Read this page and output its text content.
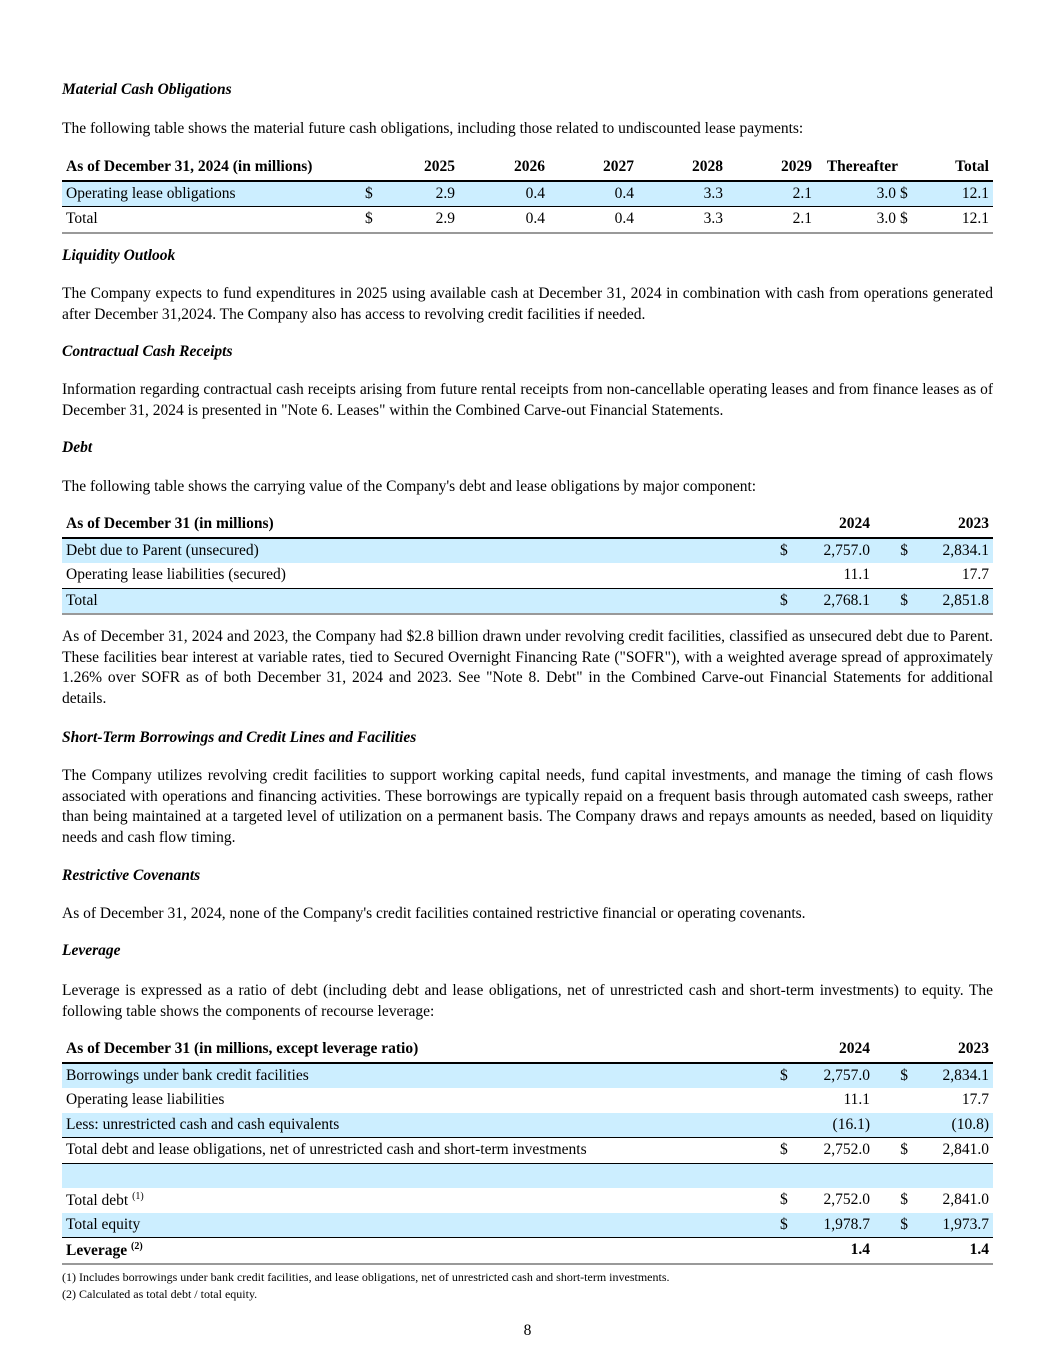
Material Cash Obligations
The following table shows the material future cash obligations, including those related to undiscounted lease payments:
As of December 31, 2024 (in millions)	2025	2026	2027	2028	2029 Thereafter	Total
Operating lease obligations	$	2.9	0.4	0.4	3.3	2.1	3.0 $	12.1
Total	$	2.9	0.4	0.4	3.3	2.1	3.0 $	12.1
Liquidity Outlook
The Company expects to fund expenditures in 2025 using available cash at December 31, 2024 in combination with cash from operations generated after December 31,2024. The Company also has access to revolving credit facilities if needed.
Contractual Cash Receipts
Information regarding contractual cash receipts arising from future rental receipts from non-cancellable operating leases and from finance leases as of December 31, 2024 is presented in "Note 6. Leases" within the Combined Carve-out Financial Statements.
Debt
The following table shows the carrying value of the Company's debt and lease obligations by major component:
As of December 31 (in millions)	2024	2023
Debt due to Parent (unsecured)	$	2,757.0	$	2,834.1
Operating lease liabilities (secured)	11.1	17.7
Total	$	2,768.1	$	2,851.8
As of December 31, 2024 and 2023, the Company had $2.8 billion drawn under revolving credit facilities, classified as unsecured debt due to Parent. These facilities bear interest at variable rates, tied to Secured Overnight Financing Rate ("SOFR"), with a weighted average spread of approximately 1.26% over SOFR as of both December 31, 2024 and 2023. See "Note 8. Debt" in the Combined Carve-out Financial Statements for additional details.
Short-Term Borrowings and Credit Lines and Facilities
The Company utilizes revolving credit facilities to support working capital needs, fund capital investments, and manage the timing of cash flows associated with operations and financing activities. These borrowings are typically repaid on a frequent basis through automated cash sweeps, rather than being maintained at a targeted level of utilization on a permanent basis. The Company draws and repays amounts as needed, based on liquidity needs and cash flow timing.
Restrictive Covenants
As of December 31, 2024, none of the Company's credit facilities contained restrictive financial or operating covenants.
Leverage
Leverage is expressed as a ratio of debt (including debt and lease obligations, net of unrestricted cash and short-term investments) to equity. The following table shows the components of recourse leverage:
As of December 31 (in millions, except leverage ratio)	2024	2023
Borrowings under bank credit facilities	$	2,757.0	$	2,834.1
Operating lease liabilities	11.1	17.7
Less: unrestricted cash and cash equivalents	(16.1)	(10.8)
Total debt and lease obligations, net of unrestricted cash and short-term investments	$	2,752.0	$	2,841.0
Total debt $^{(1)}$	$	2,752.0	$	2,841.0
Total equity	$	1,978.7	$	1,973.7
Leverage $^{(2)}$	1.4	1.4
(1) Includes borrowings under bank credit facilities, and lease obligations, net of unrestricted cash and short-term investments.
(2) Calculated as total debt / total equity.
8
